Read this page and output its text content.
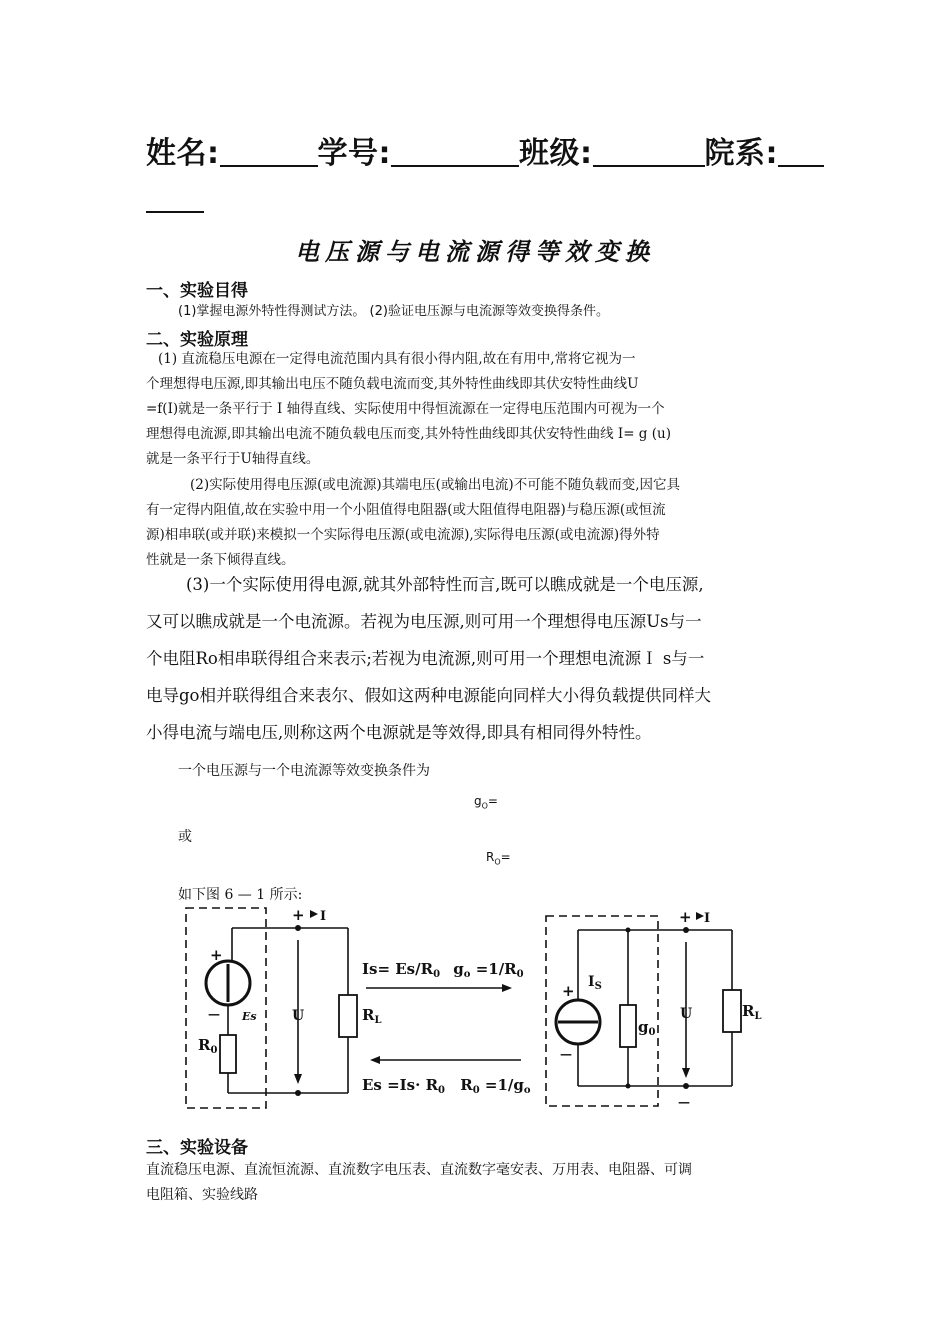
姓名:	学号:	班级:	院系:
电压源与电流源得等效变换
一、实验目得
(1)掌握电源外特性得测试方法。 (2)验证电压源与电流源等效变换得条件。
二、实验原理
(1) 直流稳压电源在一定得电流范围内具有很小得内阻,故在有用中,常将它视为一
个理想得电压源,即其输出电压不随负载电流而变,其外特性曲线即其伏安特性曲线U
=f(I)就是一条平行于 I 轴得直线、实际使用中得恒流源在一定得电压范围内可视为一个
理想得电流源,即其输出电流不随负载电压而变,其外特性曲线即其伏安特性曲线 I= g (u)
就是一条平行于U轴得直线。
(2)实际使用得电压源(或电流源)其端电压(或输出电流)不可能不随负载而变,因它具
有一定得内阻值,故在实验中用一个小阻值得电阻器(或大阻值得电阻器)与稳压源(或恒流
源)相串联(或并联)来模拟一个实际得电压源(或电流源),实际得电压源(或电流源)得外特
性就是一条下倾得直线。
(3)一个实际使用得电源,就其外部特性而言,既可以瞧成就是一个电压源,
又可以瞧成就是一个电流源。若视为电压源,则可用一个理想得电压源Us与一
个电阻Ro相串联得组合来表示;若视为电流源,则可用一个理想电流源Ｉ s与一
电导go相并联得组合来表尔、假如这两种电源能向同样大小得负载提供同样大
小得电流与端电压,则称这两个电源就是等效得,即具有相同得外特性。
一个电压源与一个电流源等效变换条件为
$g_O=$
或
$R_O=$
如下图 6 — 1 所示:
+ I
+
— Es
$R_0$
U	$R_L$
$Is= Es/R_0$ $g_o =1/R_0$
$Es =Is\cdot R_0$ $R_0 =1/g_o$
+
—
$I_S$
$g_0$
+ I
U
—
$R_L$
三、实验设备
直流稳压电源、直流恒流源、直流数字电压表、直流数字毫安表、万用表、电阻器、可调
电阻箱、实验线路
